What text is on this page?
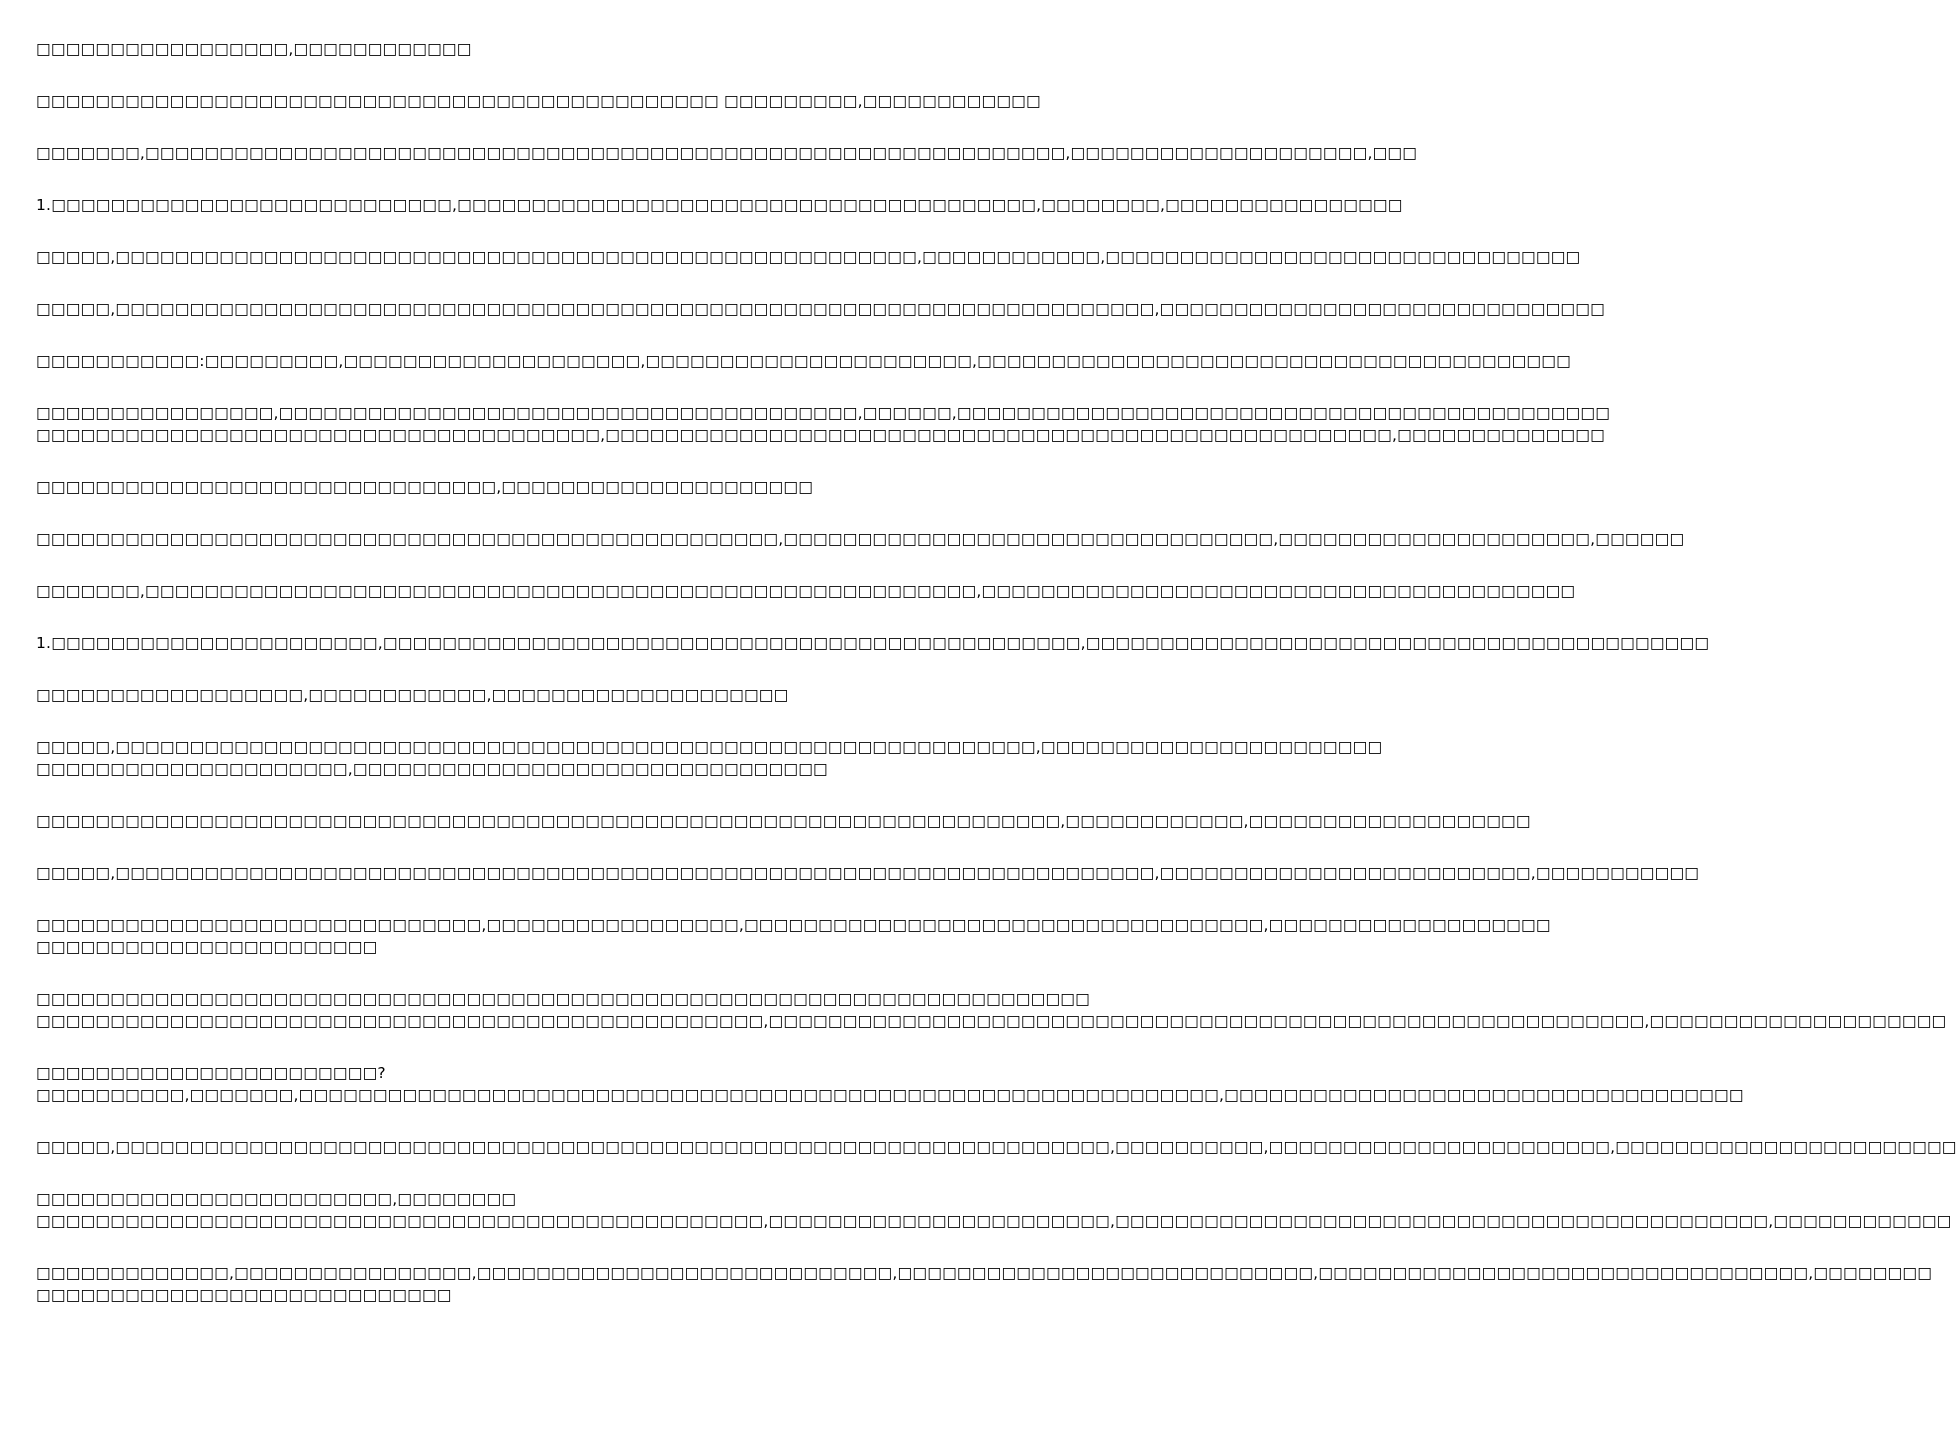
□□□□□□□□□□□□□□□□□,□□□□□□□□□□□□
□□□□□□□□□□□□□□□□□□□□□□□□□□□□□□□□□□□□□□□□□□□□□□ □□□□□□□□□,□□□□□□□□□□□□
□□□□□□□,□□□□□□□□□□□□□□□□□□□□□□□□□□□□□□□□□□□□□□□□□□□□□□□□□□□□□□□□□□□□□□,□□□□□□□□□□□□□□□□□□□□,□□□
1.□□□□□□□□□□□□□□□□□□□□□□□□□□□,□□□□□□□□□□□□□□□□□□□□□□□□□□□□□□□□□□□□□□□,□□□□□□□□,□□□□□□□□□□□□□□□□
□□□□□,□□□□□□□□□□□□□□□□□□□□□□□□□□□□□□□□□□□□□□□□□□□□□□□□□□□□□□,□□□□□□□□□□□□,□□□□□□□□□□□□□□□□□□□□□□□□□□□□□□□□
□□□□□,□□□□□□□□□□□□□□□□□□□□□□□□□□□□□□□□□□□□□□□□□□□□□□□□□□□□□□□□□□□□□□□□□□□□□□,□□□□□□□□□□□□□□□□□□□□□□□□□□□□□□
□□□□□□□□□□□:□□□□□□□□□,□□□□□□□□□□□□□□□□□□□□,□□□□□□□□□□□□□□□□□□□□□□,□□□□□□□□□□□□□□□□□□□□□□□□□□□□□□□□□□□□□□□□
□□□□□□□□□□□□□□□□,□□□□□□□□□□□□□□□□□□□□□□□□□□□□□□□□□□□□□□□,□□□□□□,□□□□□□□□□□□□□□□□□□□□□□□□□□□□□□□□□□□□□□□□□□□□
□□□□□□□□□□□□□□□□□□□□□□□□□□□□□□□□□□□□□□,□□□□□□□□□□□□□□□□□□□□□□□□□□□□□□□□□□□□□□□□□□□□□□□□□□□□□,□□□□□□□□□□□□□□
□□□□□□□□□□□□□□□□□□□□□□□□□□□□□□□,□□□□□□□□□□□□□□□□□□□□□
□□□□□□□□□□□□□□□□□□□□□□□□□□□□□□□□□□□□□□□□□□□□□□□□□□,□□□□□□□□□□□□□□□□□□□□□□□□□□□□□□□□□,□□□□□□□□□□□□□□□□□□□□□,□□□□□□
□□□□□□□,□□□□□□□□□□□□□□□□□□□□□□□□□□□□□□□□□□□□□□□□□□□□□□□□□□□□□□□□,□□□□□□□□□□□□□□□□□□□□□□□□□□□□□□□□□□□□□□□□
1.□□□□□□□□□□□□□□□□□□□□□□,□□□□□□□□□□□□□□□□□□□□□□□□□□□□□□□□□□□□□□□□□□□□□□□,□□□□□□□□□□□□□□□□□□□□□□□□□□□□□□□□□□□□□□□□□□
□□□□□□□□□□□□□□□□□□,□□□□□□□□□□□□,□□□□□□□□□□□□□□□□□□□□
□□□□□,□□□□□□□□□□□□□□□□□□□□□□□□□□□□□□□□□□□□□□□□□□□□□□□□□□□□□□□□□□□□□□,□□□□□□□□□□□□□□□□□□□□□□□
□□□□□□□□□□□□□□□□□□□□□,□□□□□□□□□□□□□□□□□□□□□□□□□□□□□□□□
□□□□□□□□□□□□□□□□□□□□□□□□□□□□□□□□□□□□□□□□□□□□□□□□□□□□□□□□□□□□□□□□□□□□□,□□□□□□□□□□□□,□□□□□□□□□□□□□□□□□□□
□□□□□,□□□□□□□□□□□□□□□□□□□□□□□□□□□□□□□□□□□□□□□□□□□□□□□□□□□□□□□□□□□□□□□□□□□□□□,□□□□□□□□□□□□□□□□□□□□□□□□□,□□□□□□□□□□□
□□□□□□□□□□□□□□□□□□□□□□□□□□□□□□,□□□□□□□□□□□□□□□□□,□□□□□□□□□□□□□□□□□□□□□□□□□□□□□□□□□□□,□□□□□□□□□□□□□□□□□□□
□□□□□□□□□□□□□□□□□□□□□□□
□□□□□□□□□□□□□□□□□□□□□□□□□□□□□□□□□□□□□□□□□□□□□□□□□□□□□□□□□□□□□□□□□□□□□□□
□□□□□□□□□□□□□□□□□□□□□□□□□□□□□□□□□□□□□□□□□□□□□□□□□,□□□□□□□□□□□□□□□□□□□□□□□□□□□□□□□□□□□□□□□□□□□□□□□□□□□□□□□□□□□,□□□□□□□□□□□□□□□□□□□□
□□□□□□□□□□□□□□□□□□□□□□□?
□□□□□□□□□□,□□□□□□□,□□□□□□□□□□□□□□□□□□□□□□□□□□□□□□□□□□□□□□□□□□□□□□□□□□□□□□□□□□□□□□,□□□□□□□□□□□□□□□□□□□□□□□□□□□□□□□□□□□
□□□□□,□□□□□□□□□□□□□□□□□□□□□□□□□□□□□□□□□□□□□□□□□□□□□□□□□□□□□□□□□□□□□□□□□□□,□□□□□□□□□□,□□□□□□□□□□□□□□□□□□□□□□□,□□□□□□□□□□□□□□□□□□□□□□□
□□□□□□□□□□□□□□□□□□□□□□□□,□□□□□□□□
□□□□□□□□□□□□□□□□□□□□□□□□□□□□□□□□□□□□□□□□□□□□□□□□□,□□□□□□□□□□□□□□□□□□□□□□□,□□□□□□□□□□□□□□□□□□□□□□□□□□□□□□□□□□□□□□□□□□□□,□□□□□□□□□□□□
□□□□□□□□□□□□□,□□□□□□□□□□□□□□□□,□□□□□□□□□□□□□□□□□□□□□□□□□□□□,□□□□□□□□□□□□□□□□□□□□□□□□□□□□,□□□□□□□□□□□□□□□□□□□□□□□□□□□□□□□□□,□□□□□□□□
□□□□□□□□□□□□□□□□□□□□□□□□□□□□
